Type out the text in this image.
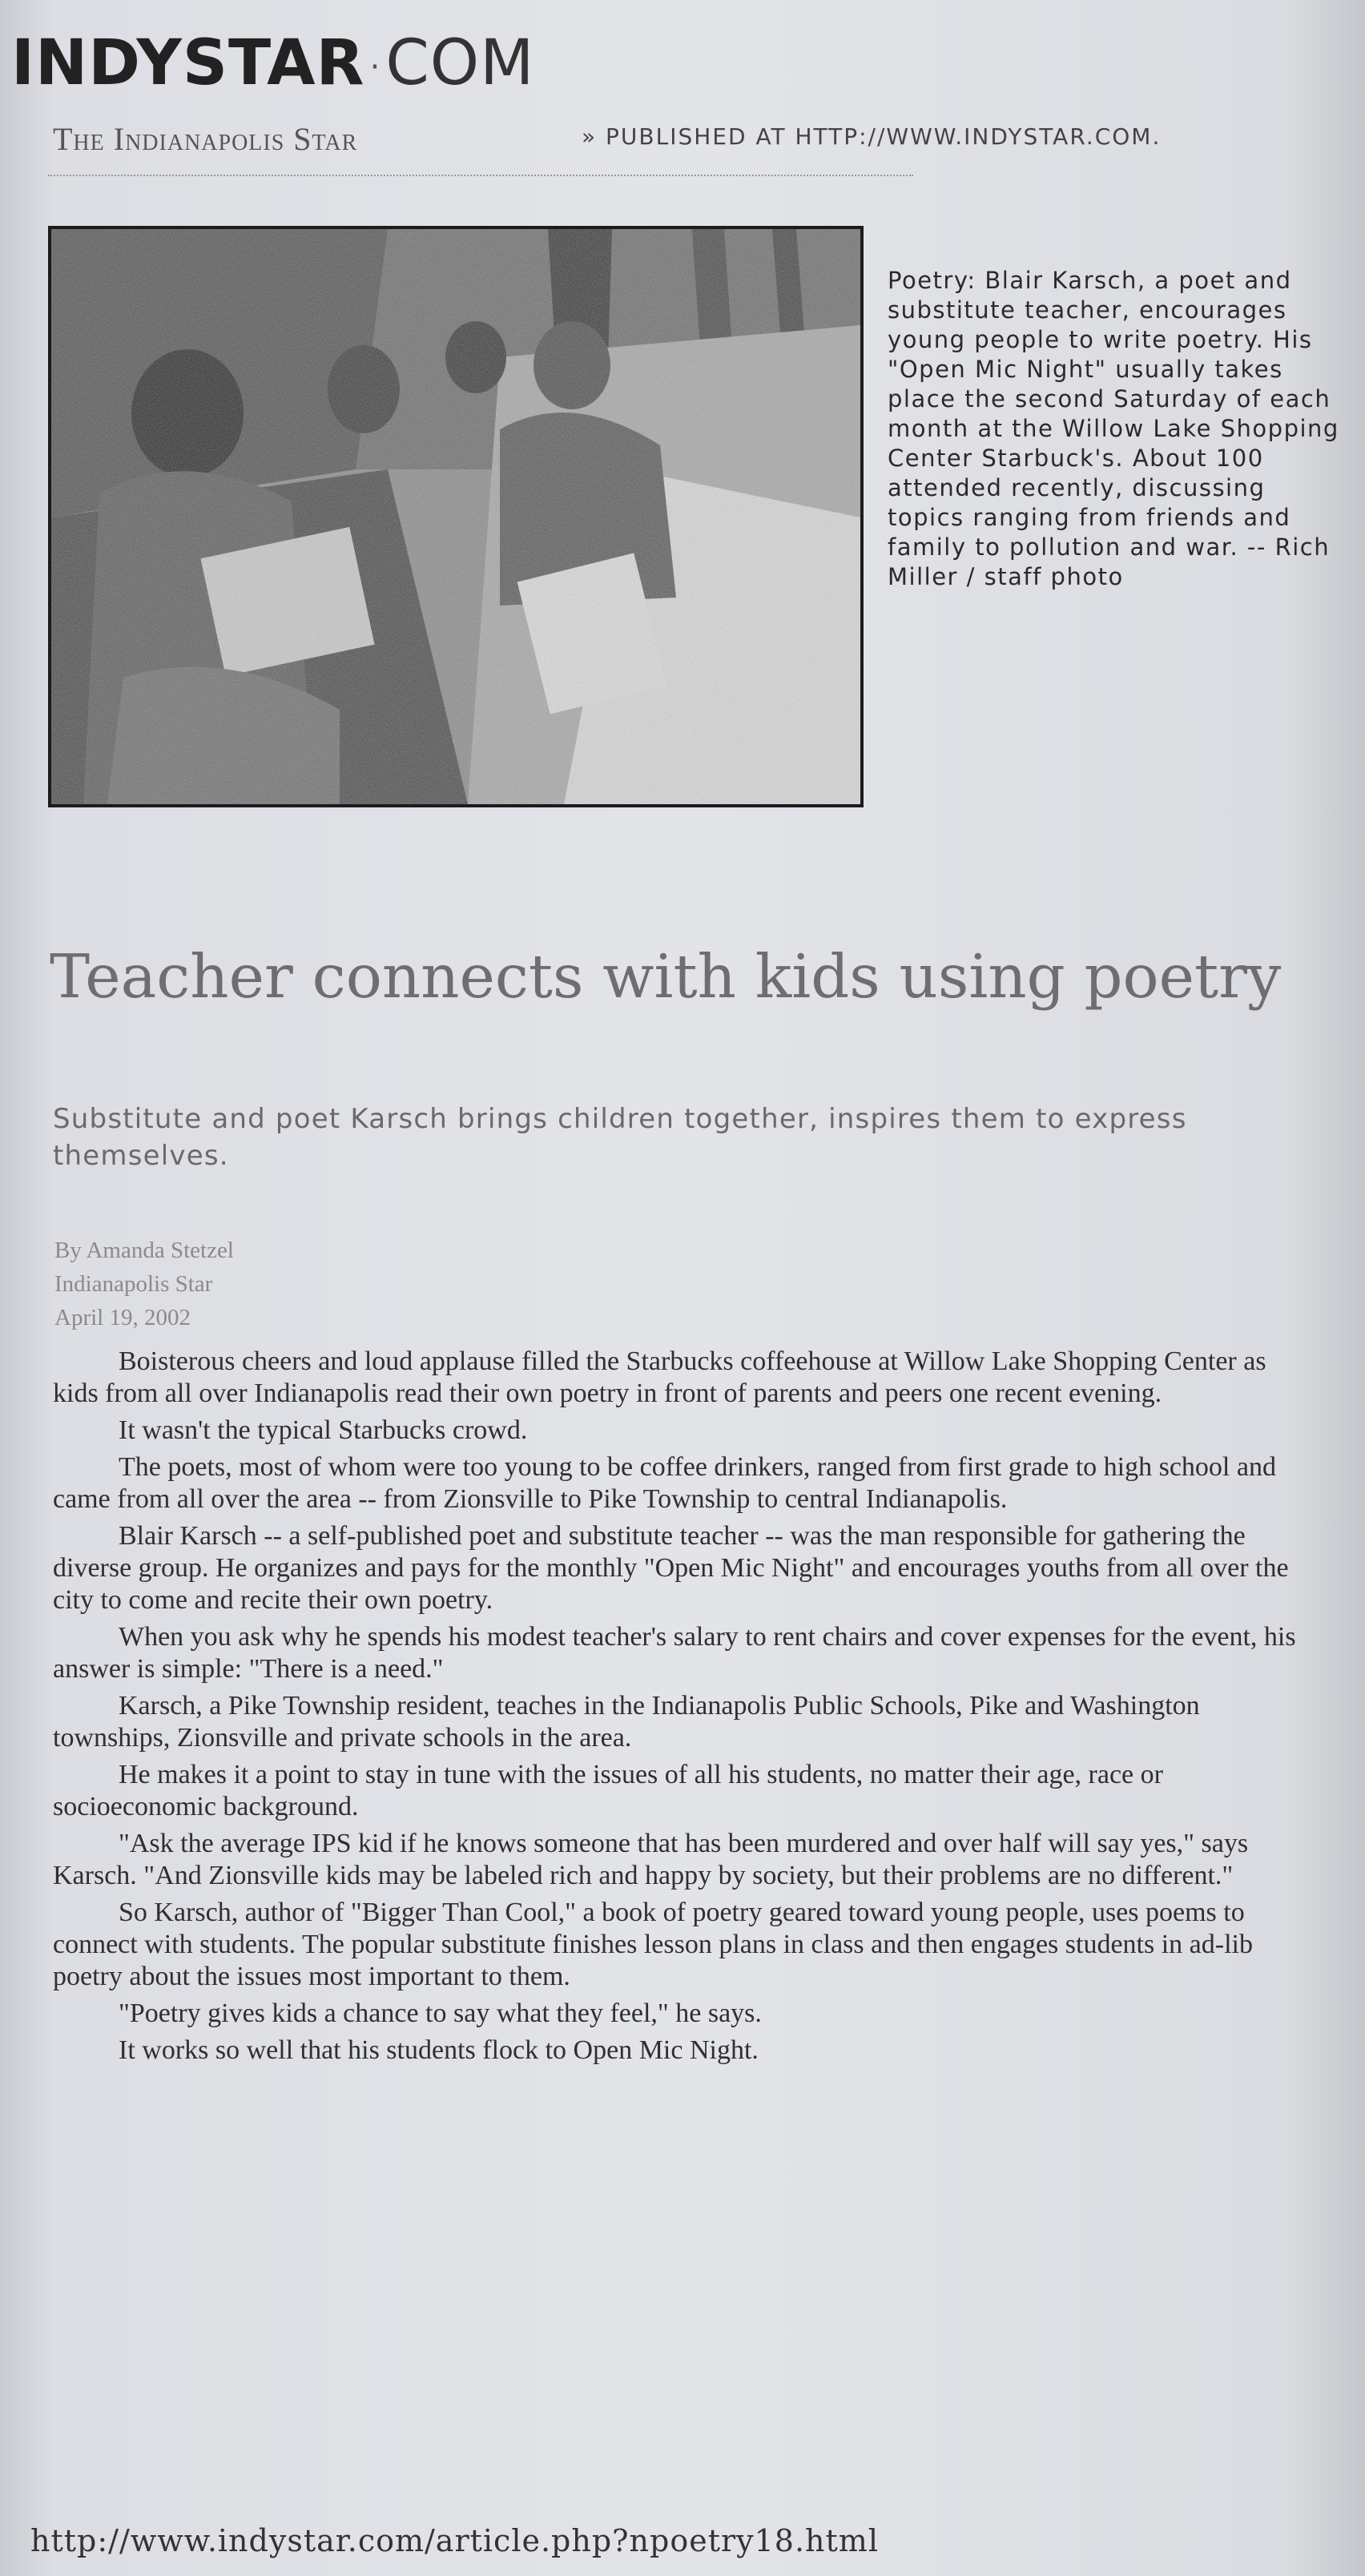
INDYSTAR ·COM
The Indianapolis Star	» PUBLISHED AT HTTP://WWW.INDYSTAR.COM.
Poetry: Blair Karsch, a poet and substitute teacher, encourages young people to write poetry. His "Open Mic Night" usually takes place the second Saturday of each month at the Willow Lake Shopping Center Starbuck's. About 100 attended recently, discussing topics ranging from friends and family to pollution and war. -- Rich Miller / staff photo
Teacher connects with kids using poetry

Substitute and poet Karsch brings children together, inspires them to express themselves.

By Amanda Stetzel
Indianapolis Star
April 19, 2002

Boisterous cheers and loud applause filled the Starbucks coffeehouse at Willow Lake Shopping Center as kids from all over Indianapolis read their own poetry in front of parents and peers one recent evening.

It wasn't the typical Starbucks crowd.

The poets, most of whom were too young to be coffee drinkers, ranged from first grade to high school and came from all over the area -- from Zionsville to Pike Township to central Indianapolis.

Blair Karsch -- a self-published poet and substitute teacher -- was the man responsible for gathering the diverse group. He organizes and pays for the monthly "Open Mic Night" and encourages youths from all over the city to come and recite their own poetry.

When you ask why he spends his modest teacher's salary to rent chairs and cover expenses for the event, his answer is simple: "There is a need."

Karsch, a Pike Township resident, teaches in the Indianapolis Public Schools, Pike and Washington townships, Zionsville and private schools in the area.

He makes it a point to stay in tune with the issues of all his students, no matter their age, race or socioeconomic background.

"Ask the average IPS kid if he knows someone that has been murdered and over half will say yes," says Karsch. "And Zionsville kids may be labeled rich and happy by society, but their problems are no different."

So Karsch, author of "Bigger Than Cool," a book of poetry geared toward young people, uses poems to connect with students. The popular substitute finishes lesson plans in class and then engages students in ad-lib poetry about the issues most important to them.

"Poetry gives kids a chance to say what they feel," he says.

It works so well that his students flock to Open Mic Night.

http://www.indystar.com/article.php?npoetry18.html
